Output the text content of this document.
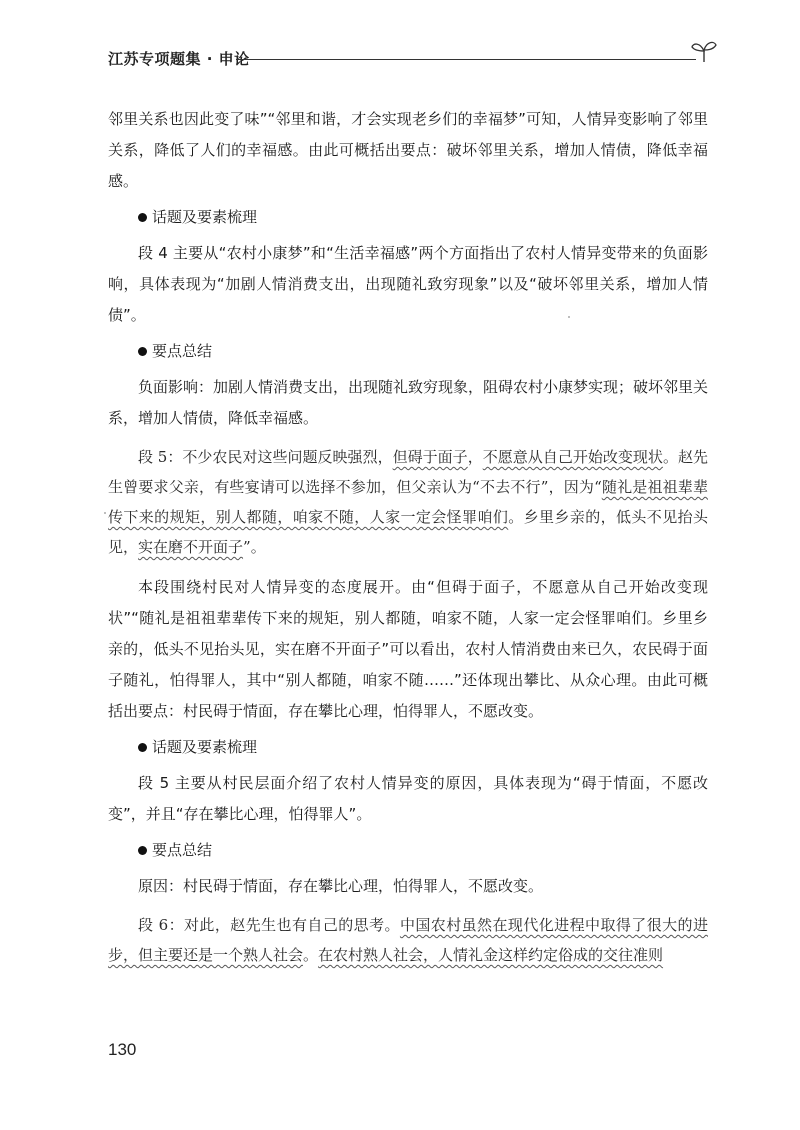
江苏专项题集 · 申论

邻里关系也因此变了味”“邻里和谐，才会实现老乡们的幸福梦”可知，人情异变影响了邻里关系，降低了人们的幸福感。由此可概括出要点：破坏邻里关系，增加人情债，降低幸福感。

话题及要素梳理

段 4 主要从“农村小康梦”和“生活幸福感”两个方面指出了农村人情异变带来的负面影响，具体表现为“加剧人情消费支出，出现随礼致穷现象”以及“破坏邻里关系，增加人情债”。

要点总结

负面影响：加剧人情消费支出，出现随礼致穷现象，阻碍农村小康梦实现；破坏邻里关系，增加人情债，降低幸福感。

段 5：不少农民对这些问题反映强烈，但碍于面子，不愿意从自己开始改变现状。赵先生曾要求父亲，有些宴请可以选择不参加，但父亲认为“不去不行”，因为“随礼是祖祖辈辈传下来的规矩，别人都随，咱家不随，人家一定会怪罪咱们。乡里乡亲的，低头不见抬头见，实在磨不开面子”。

本段围绕村民对人情异变的态度展开。由“但碍于面子，不愿意从自己开始改变现状”“随礼是祖祖辈辈传下来的规矩，别人都随，咱家不随，人家一定会怪罪咱们。乡里乡亲的，低头不见抬头见，实在磨不开面子”可以看出，农村人情消费由来已久，农民碍于面子随礼，怕得罪人，其中“别人都随，咱家不随……”还体现出攀比、从众心理。由此可概括出要点：村民碍于情面，存在攀比心理，怕得罪人，不愿改变。

话题及要素梳理

段 5 主要从村民层面介绍了农村人情异变的原因，具体表现为“碍于情面，不愿改变”，并且“存在攀比心理，怕得罪人”。

要点总结

原因：村民碍于情面，存在攀比心理，怕得罪人，不愿改变。

段 6：对此，赵先生也有自己的思考。中国农村虽然在现代化进程中取得了很大的进步，但主要还是一个熟人社会。在农村熟人社会，人情礼金这样约定俗成的交往准则

130
